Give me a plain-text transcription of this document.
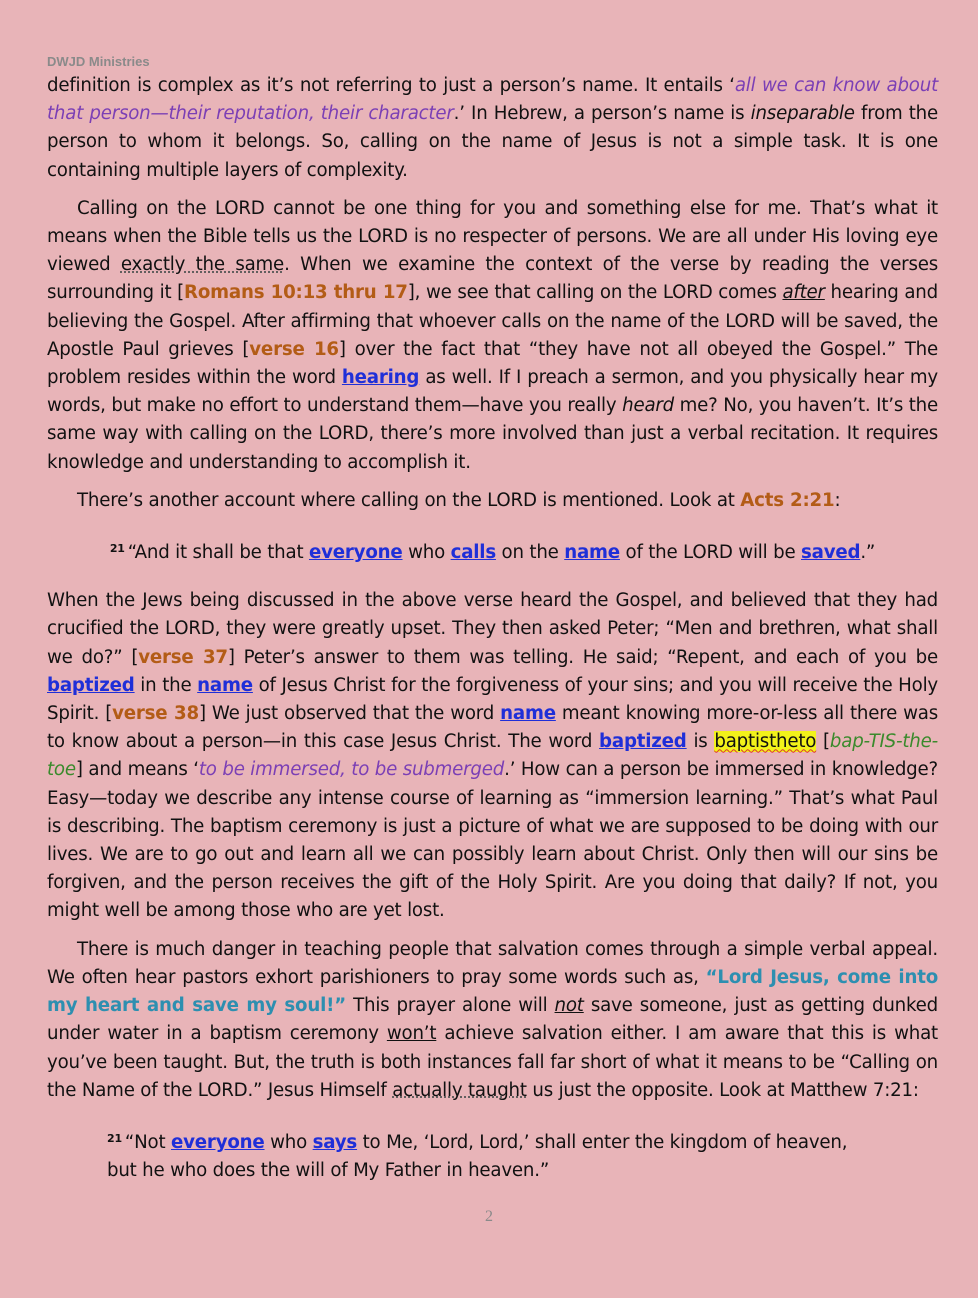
DWJD Ministries

definition is complex as it’s not referring to just a person’s name. It entails ‘all we can know about that person—their reputation, their character.’ In Hebrew, a person’s name is inseparable from the person to whom it belongs. So, calling on the name of Jesus is not a simple task. It is one containing multiple layers of complexity.

Calling on the LORD cannot be one thing for you and something else for me. That’s what it means when the Bible tells us the LORD is no respecter of persons. We are all under His loving eye viewed exactly the same. When we examine the context of the verse by reading the verses surrounding it [Romans 10:13 thru 17], we see that calling on the LORD comes after hearing and believing the Gospel. After affirming that whoever calls on the name of the LORD will be saved, the Apostle Paul grieves [verse 16] over the fact that “they have not all obeyed the Gospel.” The problem resides within the word hearing as well. If I preach a sermon, and you physically hear my words, but make no effort to understand them—have you really heard me? No, you haven’t. It’s the same way with calling on the LORD, there’s more involved than just a verbal recitation. It requires knowledge and understanding to accomplish it.

There’s another account where calling on the LORD is mentioned. Look at Acts 2:21:

$^{21}$ “And it shall be that everyone who calls on the name of the LORD will be saved.”

When the Jews being discussed in the above verse heard the Gospel, and believed that they had crucified the LORD, they were greatly upset. They then asked Peter; “Men and brethren, what shall we do?” [verse 37] Peter’s answer to them was telling. He said; “Repent, and each of you be baptized in the name of Jesus Christ for the forgiveness of your sins; and you will receive the Holy Spirit. [verse 38] We just observed that the word name meant knowing more-or-less all there was to know about a person—in this case Jesus Christ. The word baptized is baptistheto [bap-TIS-the-toe] and means ‘to be immersed, to be submerged.’ How can a person be immersed in knowledge? Easy—today we describe any intense course of learning as “immersion learning.” That’s what Paul is describing. The baptism ceremony is just a picture of what we are supposed to be doing with our lives. We are to go out and learn all we can possibly learn about Christ. Only then will our sins be forgiven, and the person receives the gift of the Holy Spirit. Are you doing that daily? If not, you might well be among those who are yet lost.

There is much danger in teaching people that salvation comes through a simple verbal appeal. We often hear pastors exhort parishioners to pray some words such as, “Lord Jesus, come into my heart and save my soul!” This prayer alone will not save someone, just as getting dunked under water in a baptism ceremony won’t achieve salvation either. I am aware that this is what you’ve been taught. But, the truth is both instances fall far short of what it means to be “Calling on the Name of the LORD.” Jesus Himself actually taught us just the opposite. Look at Matthew 7:21:

$^{21}$ “Not everyone who says to Me, ‘Lord, Lord,’ shall enter the kingdom of heaven,
but he who does the will of My Father in heaven.”

2
